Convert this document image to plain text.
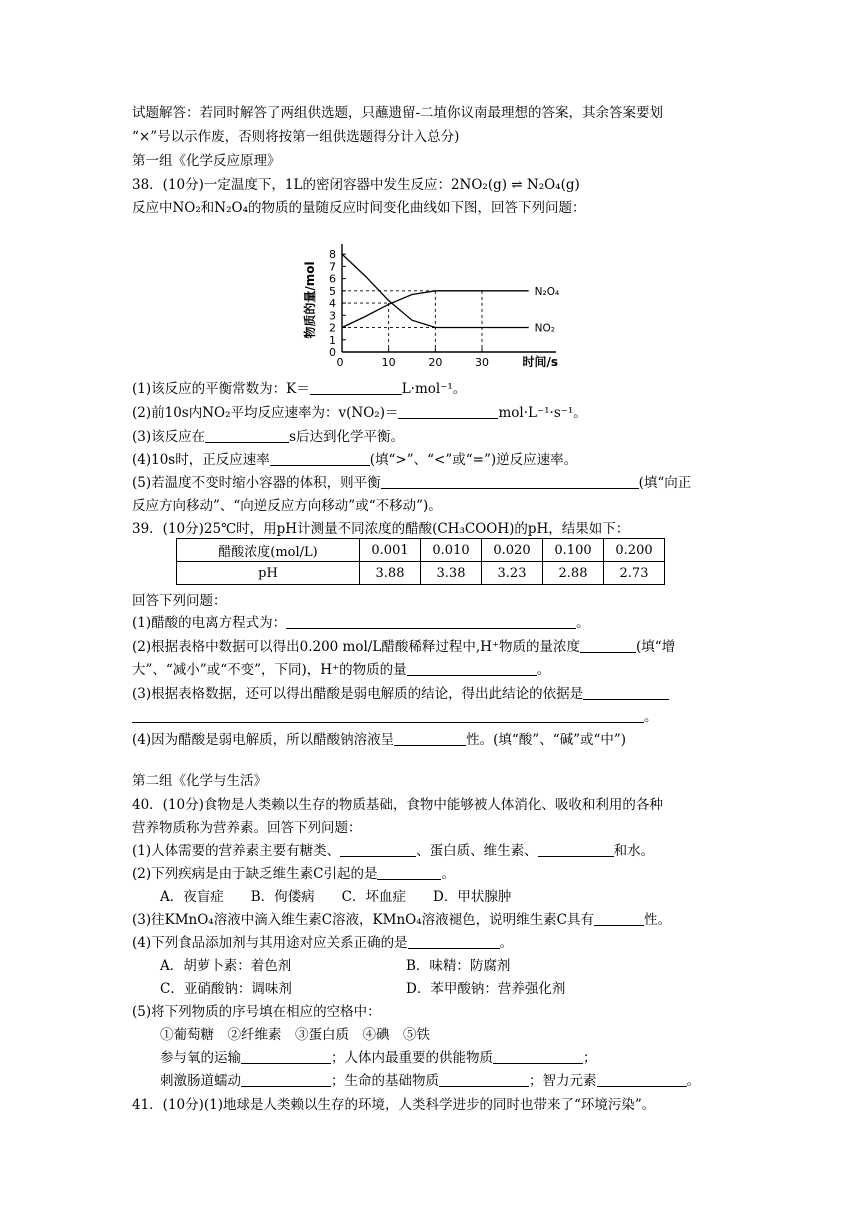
试题解答：若同时解答了两组供选题，只蘸遗留-二埴你议南最理想的答案，其余答案要划
“×”号以示作废，否则将按第一组供选题得分计入总分)
第一组《化学反应原理》
38．(10分)一定温度下，1L的密闭容器中发生反应：2NO₂(g) ⇌ N₂O₄(g)
反应中NO₂和N₂O₄的物质的量随反应时间变化曲线如下图，回答下列问题：
0
1
2
3
4
5
6
7
8
0	10	20	30
N₂O₄
NO₂
物质的量/mol
时间/s
(1)该反应的平衡常数为：K＝	L·mol⁻¹。
(2)前10s内NO₂平均反应速率为：v(NO₂)＝	mol·L⁻¹·s⁻¹。
(3)该反应在	s后达到化学平衡。
(4)10s时，正反应速率	(填“>”、“<”或“=”)逆反应速率。
(5)若温度不变时缩小容器的体积，则平衡	(填“向正
反应方向移动”、“向逆反应方向移动”或“不移动”)。
39．(10分)25℃时，用pH计测量不同浓度的醋酸(CH₃COOH)的pH，结果如下：
醋酸浓度(mol/L)	0.001	0.010	0.020	0.100	0.200
pH	3.88	3.38	3.23	2.88	2.73
回答下列问题：
(1)醋酸的电离方程式为：	。
(2)根据表格中数据可以得出0.200 mol/L醋酸稀释过程中,H⁺物质的量浓度	(填“增
大”、“减小”或“不变”，下同)，H⁺的物质的量	。
(3)根据表格数据，还可以得出醋酸是弱电解质的结论，得出此结论的依据是
。
(4)因为醋酸是弱电解质，所以醋酸钠溶液呈	性。(填“酸”、“碱”或“中”)
第二组《化学与生活》
40．(10分)食物是人类赖以生存的物质基础，食物中能够被人体消化、吸收和利用的各种
营养物质称为营养素。回答下列问题：
(1)人体需要的营养素主要有糖类、	、蛋白质、维生素、	和水。
(2)下列疾病是由于缺乏维生素C引起的是	。
A．夜盲症　　B．佝偻病　　C．坏血症　　D．甲状腺肿
(3)往KMnO₄溶液中滴入维生素C溶液，KMnO₄溶液褪色，说明维生素C具有	性。
(4)下列食品添加剂与其用途对应关系正确的是	。
A．胡萝卜素：着色剂	B．味精：防腐剂
C．亚硝酸钠：调味剂	D．苯甲酸钠：营养强化剂
(5)将下列物质的序号填在相应的空格中：
①葡萄糖　②纤维素　③蛋白质　④碘　⑤铁
参与氧的运输	；人体内最重要的供能物质	；
刺激肠道蠕动	；生命的基础物质	；智力元素	。
41．(10分)(1)地球是人类赖以生存的环境，人类科学进步的同时也带来了“环境污染”。
